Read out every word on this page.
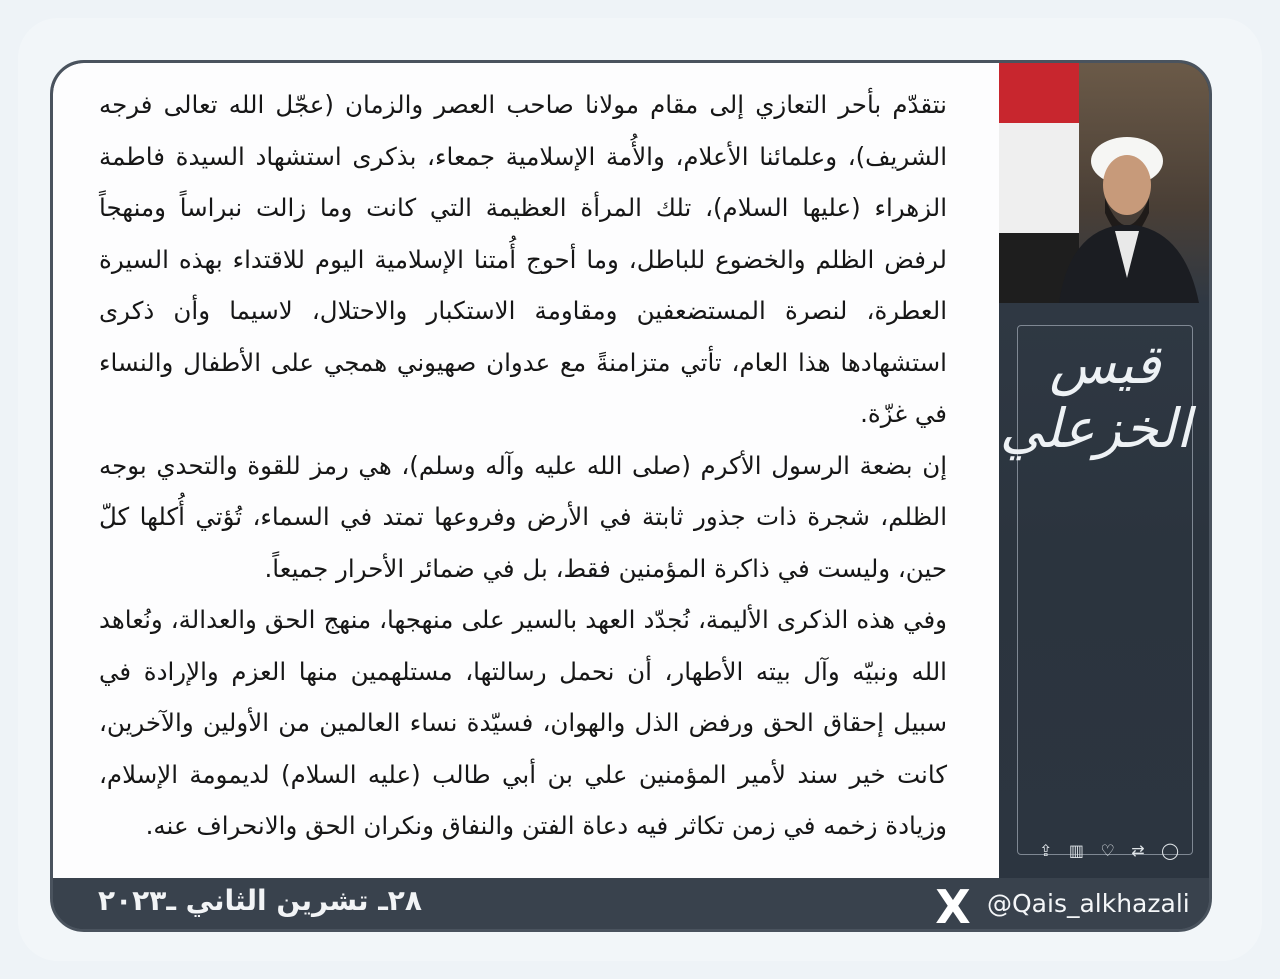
نتقدّم بأحر التعازي إلى مقام مولانا صاحب العصر والزمان (عجّل الله تعالى فرجه الشريف)، وعلمائنا الأعلام، والأُمة الإسلامية جمعاء، بذكرى استشهاد السيدة فاطمة الزهراء (عليها السلام)، تلك المرأة العظيمة التي كانت وما زالت نبراساً ومنهجاً لرفض الظلم والخضوع للباطل، وما أحوج أُمتنا الإسلامية اليوم للاقتداء بهذه السيرة العطرة، لنصرة المستضعفين ومقاومة الاستكبار والاحتلال، لاسيما وأن ذكرى استشهادها هذا العام، تأتي متزامنةً مع عدوان صهيوني همجي على الأطفال والنساء في غزّة.

إن بضعة الرسول الأكرم (صلى الله عليه وآله وسلم)، هي رمز للقوة والتحدي بوجه الظلم، شجرة ذات جذور ثابتة في الأرض وفروعها تمتد في السماء، تُؤتي أُكلها كلّ حين، وليست في ذاكرة المؤمنين فقط، بل في ضمائر الأحرار جميعاً.

وفي هذه الذكرى الأليمة، نُجدّد العهد بالسير على منهجها، منهج الحق والعدالة، ونُعاهد الله ونبيّه وآل بيته الأطهار، أن نحمل رسالتها، مستلهمين منها العزم والإرادة في سبيل إحقاق الحق ورفض الذل والهوان، فسيّدة نساء العالمين من الأولين والآخرين، كانت خير سند لأمير المؤمنين علي بن أبي طالب (عليه السلام) لديمومة الإسلام، وزيادة زخمه في زمن تكاثر فيه دعاة الفتن والنفاق ونكران الحق والانحراف عنه.

قيس الخزعلي
⇪ ▥ ♡ ⇄ ◯
٢٨ـ تشرين الثاني ـ٢٠٢٣	X @Qais_alkhazali
